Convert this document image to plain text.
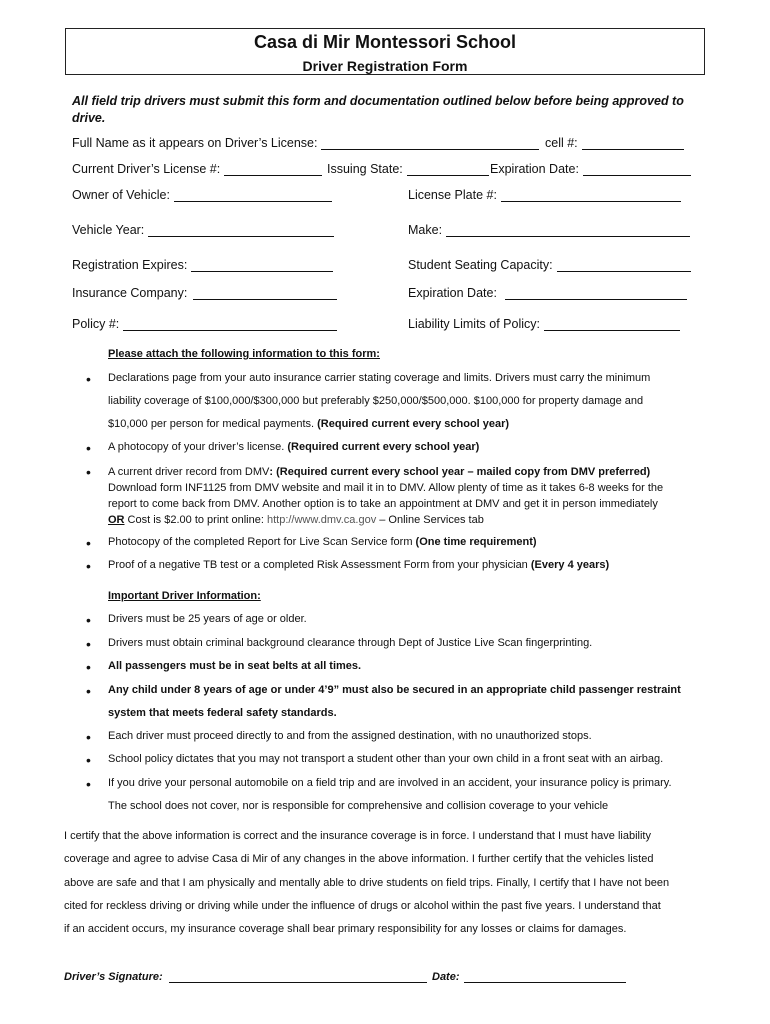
Casa di Mir Montessori School
Driver Registration Form
All field trip drivers must submit this form and documentation outlined below before being approved to drive.
Full Name as it appears on Driver’s License:	cell #:
Current Driver’s License #:	Issuing State:	Expiration Date:
Owner of Vehicle:	License Plate #:
Vehicle Year:	Make:
Registration Expires:	Student Seating Capacity:
Insurance Company:	Expiration Date:
Policy #:	Liability Limits of Policy:
Please attach the following information to this form:
• Declarations page from your auto insurance carrier stating coverage and limits. Drivers must carry the minimum
liability coverage of $100,000/$300,000 but preferably $250,000/$500,000. $100,000 for property damage and
$10,000 per person for medical payments. (Required current every school year)
• A photocopy of your driver’s license. (Required current every school year)
• A current driver record from DMV: (Required current every school year – mailed copy from DMV preferred)
Download form INF1125 from DMV website and mail it in to DMV. Allow plenty of time as it takes 6-8 weeks for the
report to come back from DMV. Another option is to take an appointment at DMV and get it in person immediately
OR Cost is $2.00 to print online: http://www.dmv.ca.gov – Online Services tab
• Photocopy of the completed Report for Live Scan Service form (One time requirement)
• Proof of a negative TB test or a completed Risk Assessment Form from your physician (Every 4 years)
Important Driver Information:
• Drivers must be 25 years of age or older.
• Drivers must obtain criminal background clearance through Dept of Justice Live Scan fingerprinting.
• All passengers must be in seat belts at all times.
• Any child under 8 years of age or under 4’9” must also be secured in an appropriate child passenger restraint
system that meets federal safety standards.
• Each driver must proceed directly to and from the assigned destination, with no unauthorized stops.
• School policy dictates that you may not transport a student other than your own child in a front seat with an airbag.
• If you drive your personal automobile on a field trip and are involved in an accident, your insurance policy is primary.
The school does not cover, nor is responsible for comprehensive and collision coverage to your vehicle
I certify that the above information is correct and the insurance coverage is in force. I understand that I must have liability
coverage and agree to advise Casa di Mir of any changes in the above information. I further certify that the vehicles listed
above are safe and that I am physically and mentally able to drive students on field trips. Finally, I certify that I have not been
cited for reckless driving or driving while under the influence of drugs or alcohol within the past five years. I understand that
if an accident occurs, my insurance coverage shall bear primary responsibility for any losses or claims for damages.
Driver’s Signature:	Date:
